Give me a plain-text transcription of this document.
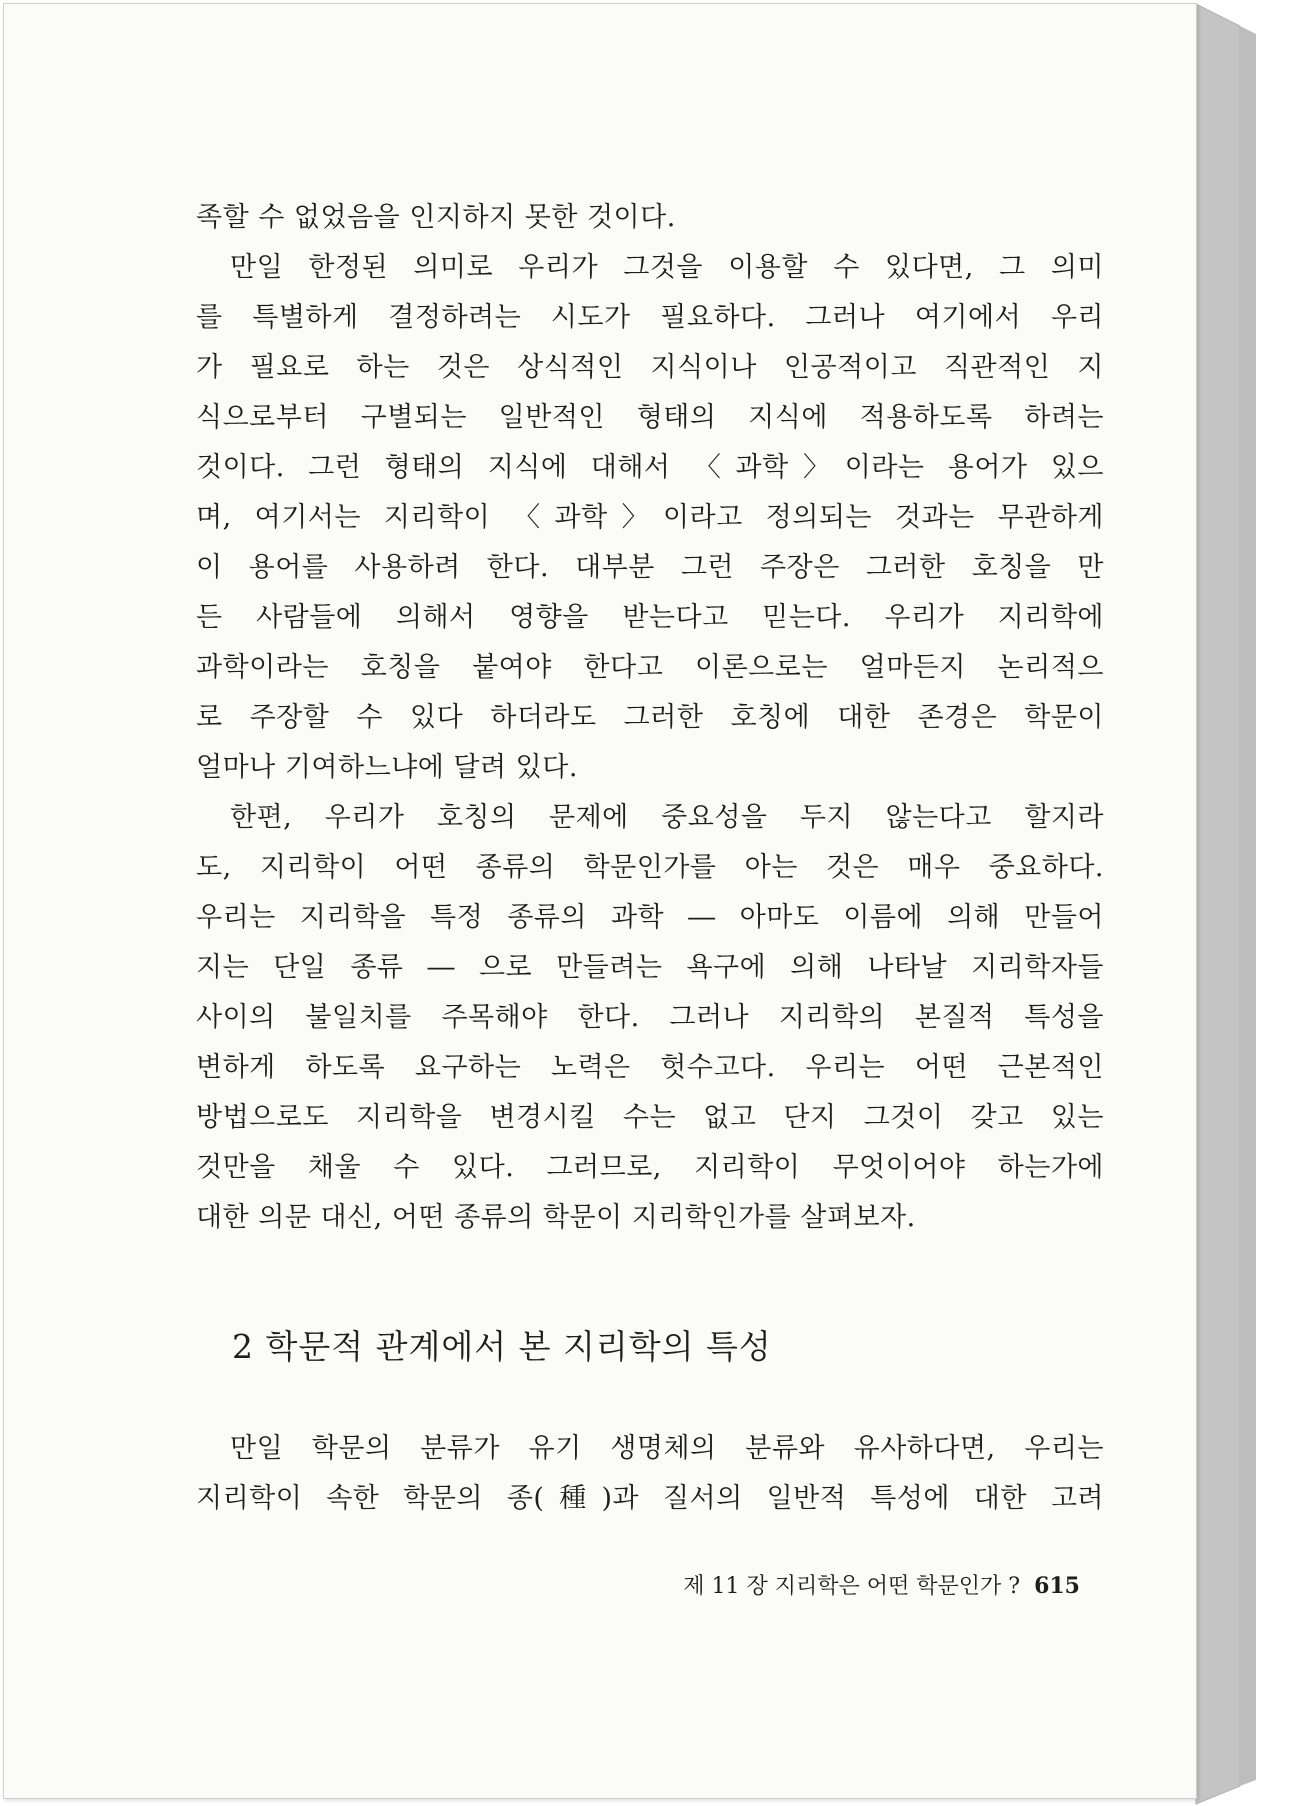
족할 수 없었음을 인지하지 못한 것이다.
만일 한정된 의미로 우리가 그것을 이용할 수 있다면, 그 의미
를 특별하게 결정하려는 시도가 필요하다. 그러나 여기에서 우리
가 필요로 하는 것은 상식적인 지식이나 인공적이고 직관적인 지
식으로부터 구별되는 일반적인 형태의 지식에 적용하도록 하려는
것이다. 그런 형태의 지식에 대해서 〈과학〉이라는 용어가 있으
며, 여기서는 지리학이 〈과학〉이라고 정의되는 것과는 무관하게
이 용어를 사용하려 한다. 대부분 그런 주장은 그러한 호칭을 만
든 사람들에 의해서 영향을 받는다고 믿는다. 우리가 지리학에
과학이라는 호칭을 붙여야 한다고 이론으로는 얼마든지 논리적으
로 주장할 수 있다 하더라도 그러한 호칭에 대한 존경은 학문이
얼마나 기여하느냐에 달려 있다.
한편, 우리가 호칭의 문제에 중요성을 두지 않는다고 할지라
도, 지리학이 어떤 종류의 학문인가를 아는 것은 매우 중요하다.
우리는 지리학을 특정 종류의 과학 ― 아마도 이름에 의해 만들어
지는 단일 종류 ― 으로 만들려는 욕구에 의해 나타날 지리학자들
사이의 불일치를 주목해야 한다. 그러나 지리학의 본질적 특성을
변하게 하도록 요구하는 노력은 헛수고다. 우리는 어떤 근본적인
방법으로도 지리학을 변경시킬 수는 없고 단지 그것이 갖고 있는
것만을 채울 수 있다. 그러므로, 지리학이 무엇이어야 하는가에
대한 의문 대신, 어떤 종류의 학문이 지리학인가를 살펴보자.
2 학문적 관계에서 본 지리학의 특성
만일 학문의 분류가 유기 생명체의 분류와 유사하다면, 우리는
지리학이 속한 학문의 종(種)과 질서의 일반적 특성에 대한 고려
제 11 장 지리학은 어떤 학문인가 ? 615
